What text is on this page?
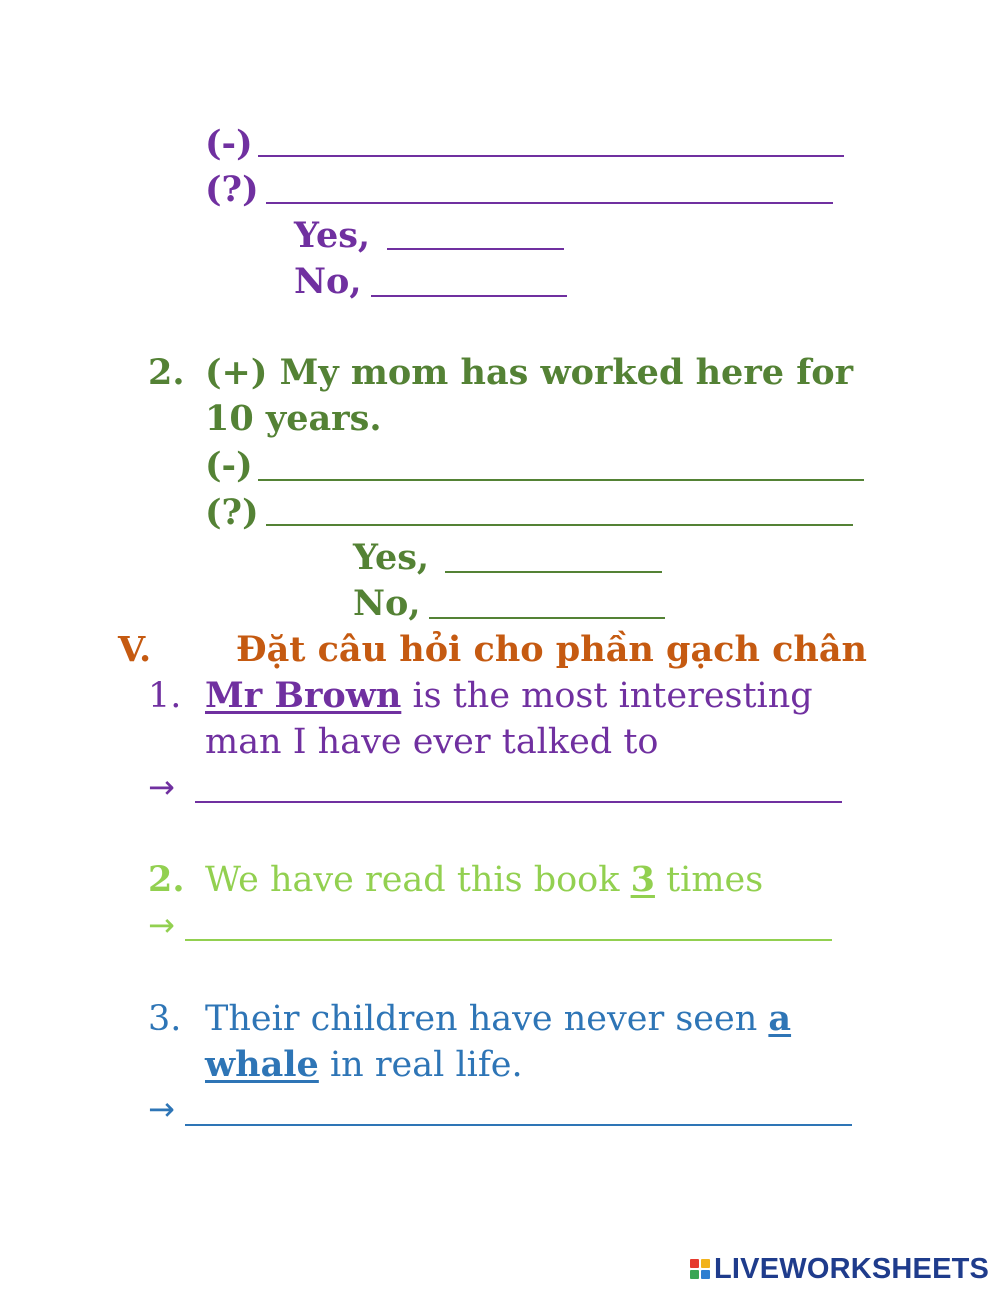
(-)
(?)
Yes,
No,
2. (+) My mom has worked here for
10 years.
(-)
(?)
Yes,
No,
V. Đặt câu hỏi cho phần gạch chân
1. Mr Brown is the most interesting
man I have ever talked to
→
2. We have read this book 3 times
→
3. Their children have never seen a
whale in real life.
→
LIVEWORKSHEETS
